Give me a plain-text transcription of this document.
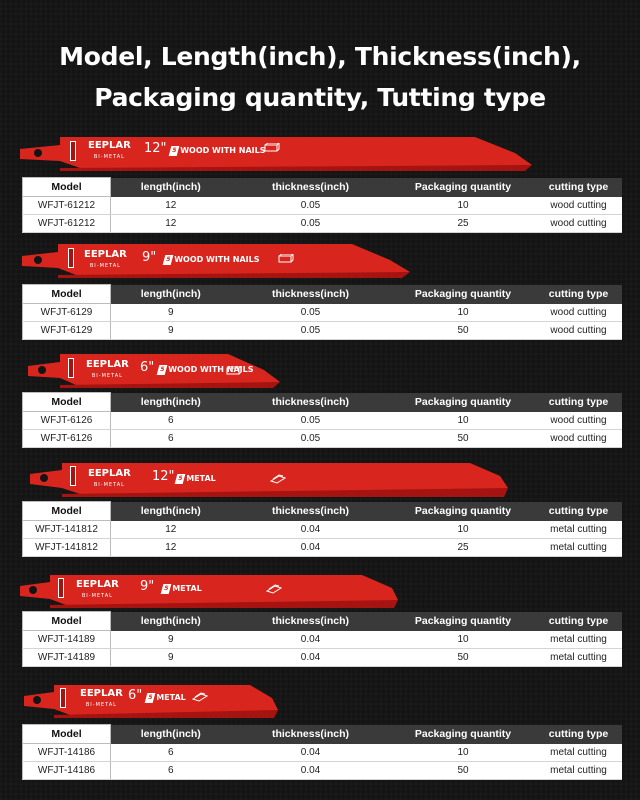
Model, Length(inch), Thickness(inch),
Packaging quantity, Tutting type
EEPLAR
BI-METAL
12" 5 WOOD WITH NAILS
Model	length(inch)	thickness(inch)	Packaging quantity	cutting type
WFJT-61212	12	0.05	10	wood cutting
WFJT-61212	12	0.05	25	wood cutting
EEPLAR
BI-METAL
9" 5 WOOD WITH NAILS
Model	length(inch)	thickness(inch)	Packaging quantity	cutting type
WFJT-6129	9	0.05	10	wood cutting
WFJT-6129	9	0.05	50	wood cutting
EEPLAR
BI-METAL
6" 5 WOOD WITH NAILS
Model	length(inch)	thickness(inch)	Packaging quantity	cutting type
WFJT-6126	6	0.05	10	wood cutting
WFJT-6126	6	0.05	50	wood cutting
EEPLAR
BI-METAL
12" 5 METAL
Model	length(inch)	thickness(inch)	Packaging quantity	cutting type
WFJT-141812	12	0.04	10	metal cutting
WFJT-141812	12	0.04	25	metal cutting
EEPLAR
BI-METAL
9" 5 METAL
Model	length(inch)	thickness(inch)	Packaging quantity	cutting type
WFJT-14189	9	0.04	10	metal cutting
WFJT-14189	9	0.04	50	metal cutting
EEPLAR
BI-METAL
6" 5 METAL
Model	length(inch)	thickness(inch)	Packaging quantity	cutting type
WFJT-14186	6	0.04	10	metal cutting
WFJT-14186	6	0.04	50	metal cutting
